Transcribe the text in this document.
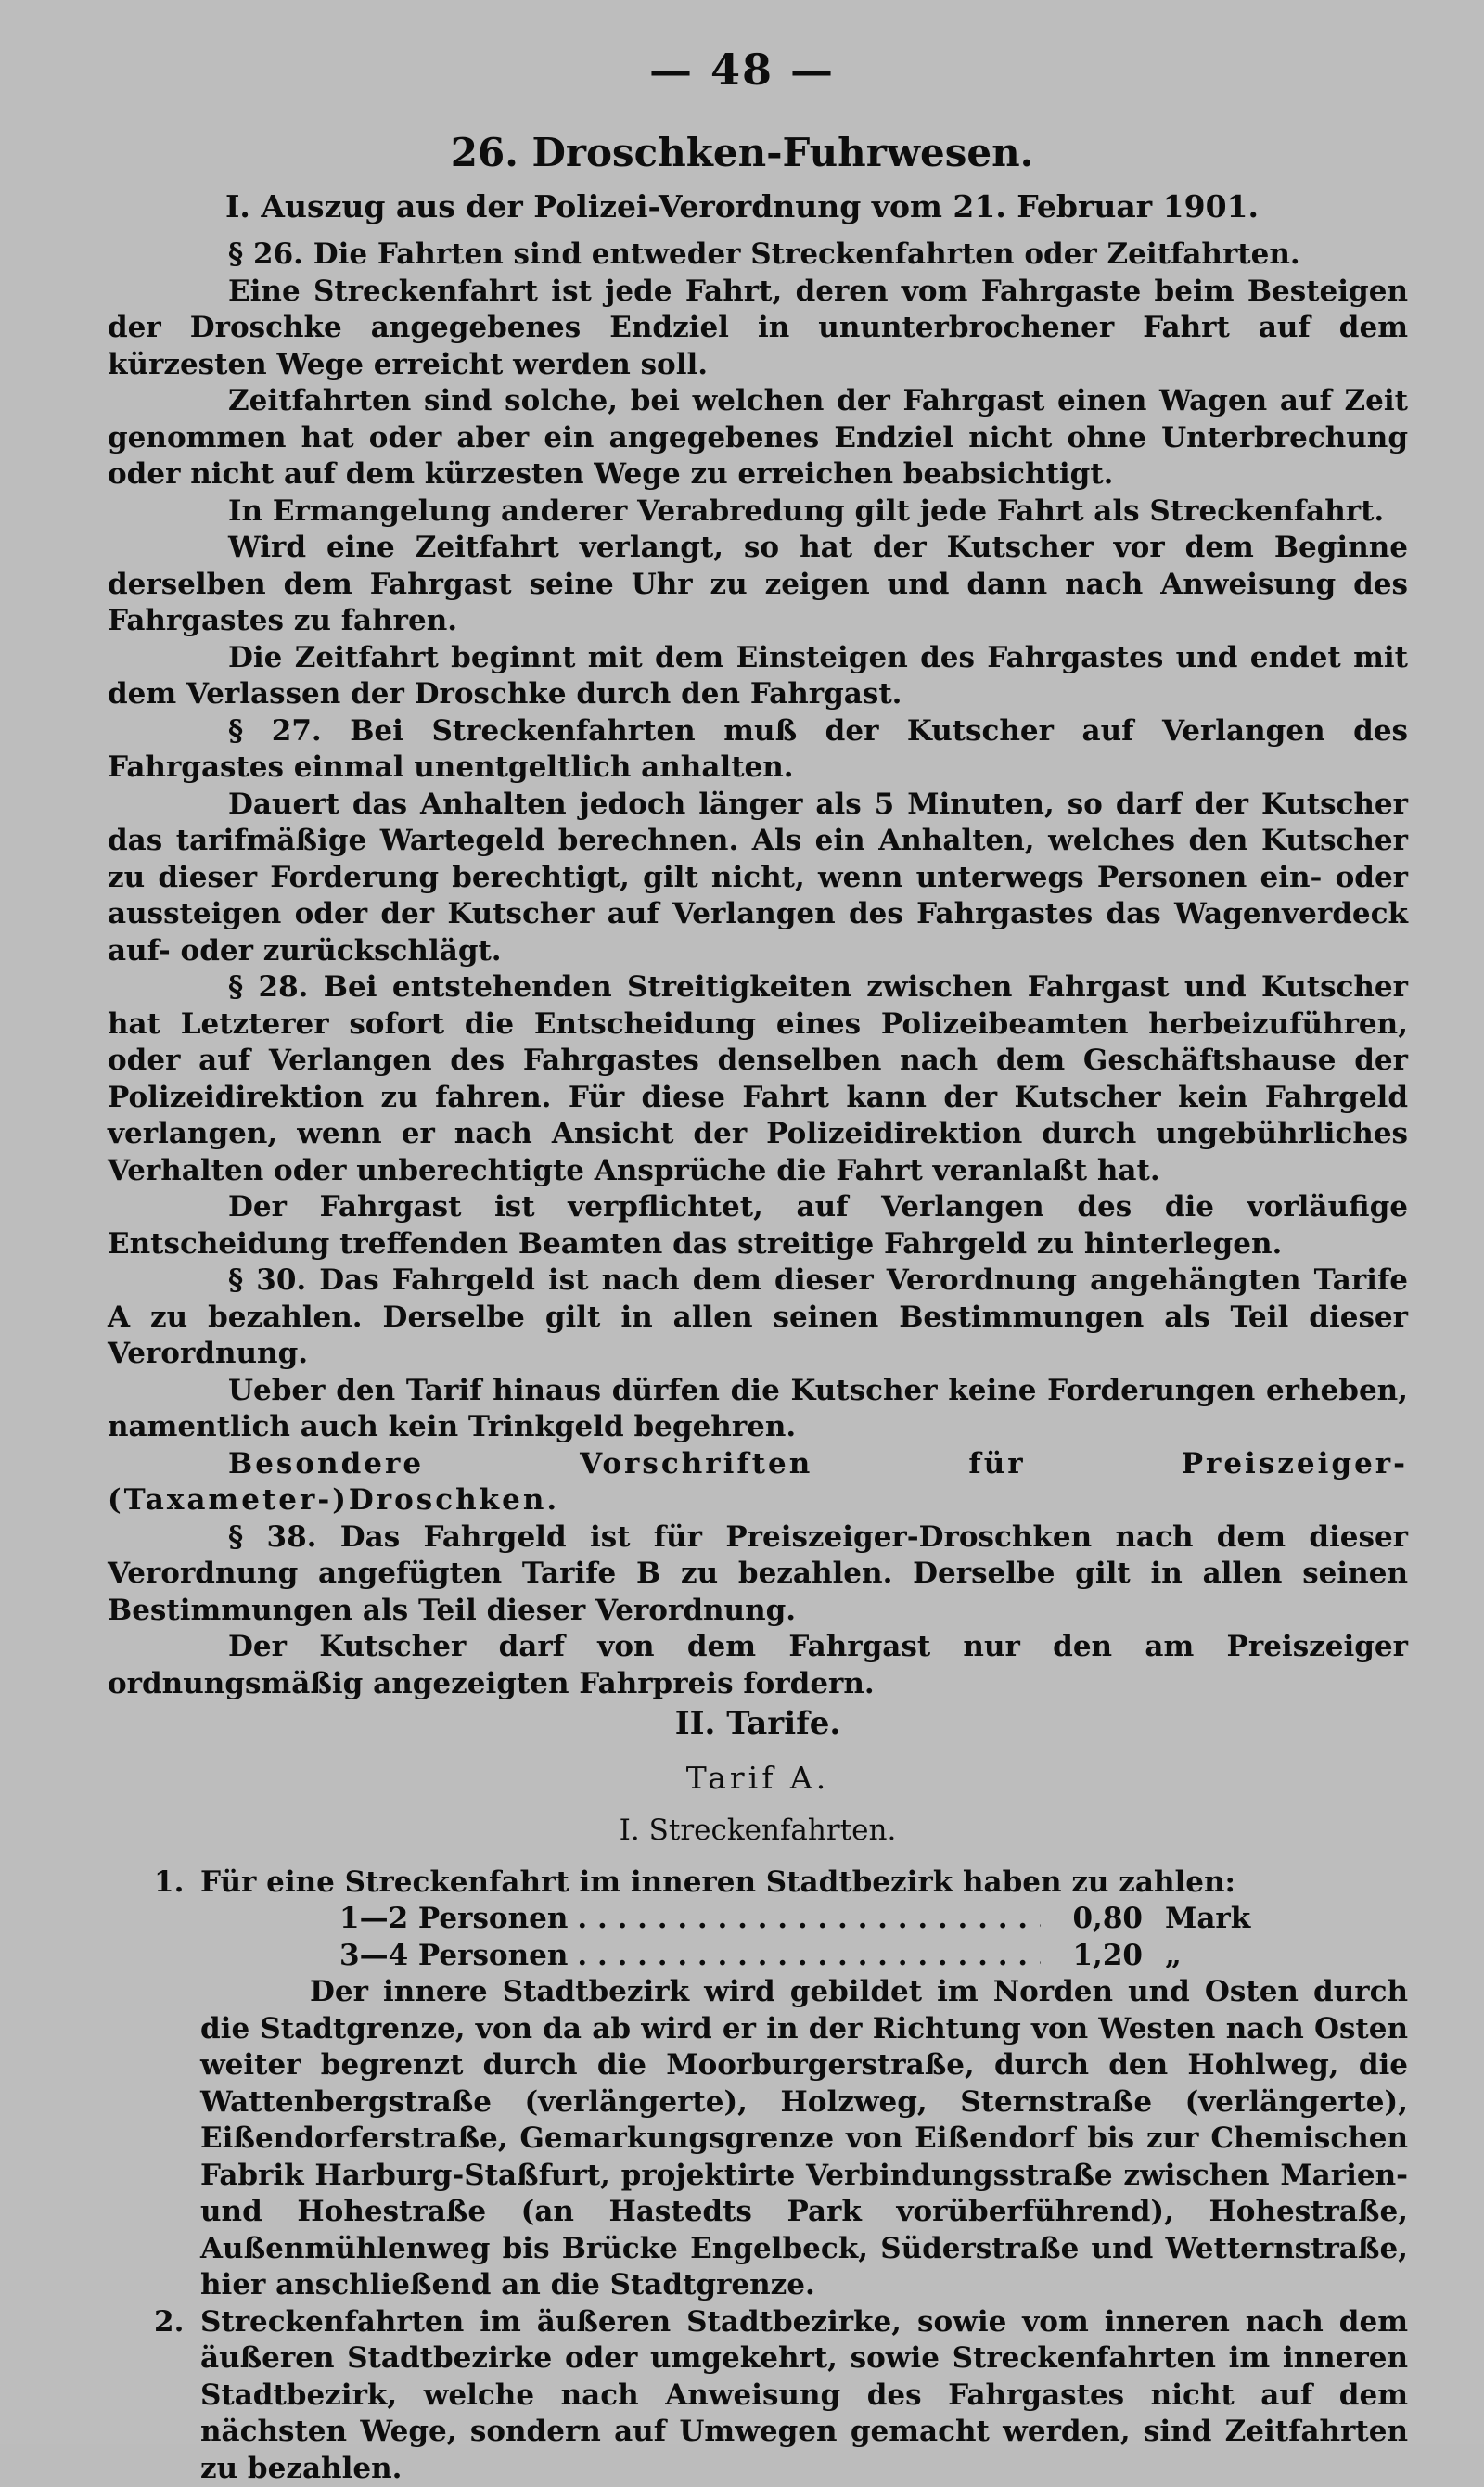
— 48 —
26. Droschken-Fuhrwesen.
I. Auszug aus der Polizei-Verordnung vom 21. Februar 1901.

§ 26. Die Fahrten sind entweder Streckenfahrten oder Zeitfahrten.

Eine Streckenfahrt ist jede Fahrt, deren vom Fahrgaste beim Besteigen der Droschke angegebenes Endziel in ununterbrochener Fahrt auf dem kürzesten Wege erreicht werden soll.

Zeitfahrten sind solche, bei welchen der Fahrgast einen Wagen auf Zeit genommen hat oder aber ein angegebenes Endziel nicht ohne Unterbrechung oder nicht auf dem kürzesten Wege zu erreichen beabsichtigt.

In Ermangelung anderer Verabredung gilt jede Fahrt als Streckenfahrt.

Wird eine Zeitfahrt verlangt, so hat der Kutscher vor dem Beginne derselben dem Fahrgast seine Uhr zu zeigen und dann nach Anweisung des Fahrgastes zu fahren.

Die Zeitfahrt beginnt mit dem Einsteigen des Fahrgastes und endet mit dem Verlassen der Droschke durch den Fahrgast.

§ 27. Bei Streckenfahrten muß der Kutscher auf Verlangen des Fahrgastes einmal unentgeltlich anhalten.

Dauert das Anhalten jedoch länger als 5 Minuten, so darf der Kutscher das tarifmäßige Wartegeld berechnen. Als ein Anhalten, welches den Kutscher zu dieser Forderung berechtigt, gilt nicht, wenn unterwegs Personen ein- oder aussteigen oder der Kutscher auf Verlangen des Fahrgastes das Wagenverdeck auf- oder zurückschlägt.

§ 28. Bei entstehenden Streitigkeiten zwischen Fahrgast und Kutscher hat Letzterer sofort die Entscheidung eines Polizeibeamten herbeizuführen, oder auf Verlangen des Fahrgastes denselben nach dem Geschäftshause der Polizeidirektion zu fahren. Für diese Fahrt kann der Kutscher kein Fahrgeld verlangen, wenn er nach Ansicht der Polizeidirektion durch ungebührliches Verhalten oder unberechtigte Ansprüche die Fahrt veranlaßt hat.

Der Fahrgast ist verpflichtet, auf Verlangen des die vorläufige Entscheidung treffenden Beamten das streitige Fahrgeld zu hinterlegen.

§ 30. Das Fahrgeld ist nach dem dieser Verordnung angehängten Tarife A zu bezahlen. Derselbe gilt in allen seinen Bestimmungen als Teil dieser Verordnung.

Ueber den Tarif hinaus dürfen die Kutscher keine Forderungen erheben, namentlich auch kein Trinkgeld begehren.

Besondere Vorschriften für Preiszeiger-(Taxameter-)Droschken.

§ 38. Das Fahrgeld ist für Preiszeiger-Droschken nach dem dieser Verordnung angefügten Tarife B zu bezahlen. Derselbe gilt in allen seinen Bestimmungen als Teil dieser Verordnung.

Der Kutscher darf von dem Fahrgast nur den am Preiszeiger ordnungsmäßig angezeigten Fahrpreis fordern.

II. Tarife.
Tarif A.
I. Streckenfahrten.
1. Für eine Streckenfahrt im inneren Stadtbezirk haben zu zahlen:
1—2 Personen . . .	0,80 Mark
3—4 Personen . . .	1,20 „

Der innere Stadtbezirk wird gebildet im Norden und Osten durch die Stadtgrenze, von da ab wird er in der Richtung von Westen nach Osten weiter begrenzt durch die Moorburgerstraße, durch den Hohlweg, die Wattenbergstraße (verlängerte), Holzweg, Sternstraße (verlängerte), Eißendorferstraße, Gemarkungsgrenze von Eißendorf bis zur Chemischen Fabrik Harburg-Staßfurt, projektirte Verbindungsstraße zwischen Marien- und Hohestraße (an Hastedts Park vorüberführend), Hohestraße, Außenmühlenweg bis Brücke Engelbeck, Süderstraße und Wetternstraße, hier anschließend an die Stadtgrenze.

2. Streckenfahrten im äußeren Stadtbezirke, sowie vom inneren nach dem äußeren Stadtbezirke oder umgekehrt, sowie Streckenfahrten im inneren Stadtbezirk, welche nach Anweisung des Fahrgastes nicht auf dem nächsten Wege, sondern auf Umwegen gemacht werden, sind Zeitfahrten zu bezahlen.
